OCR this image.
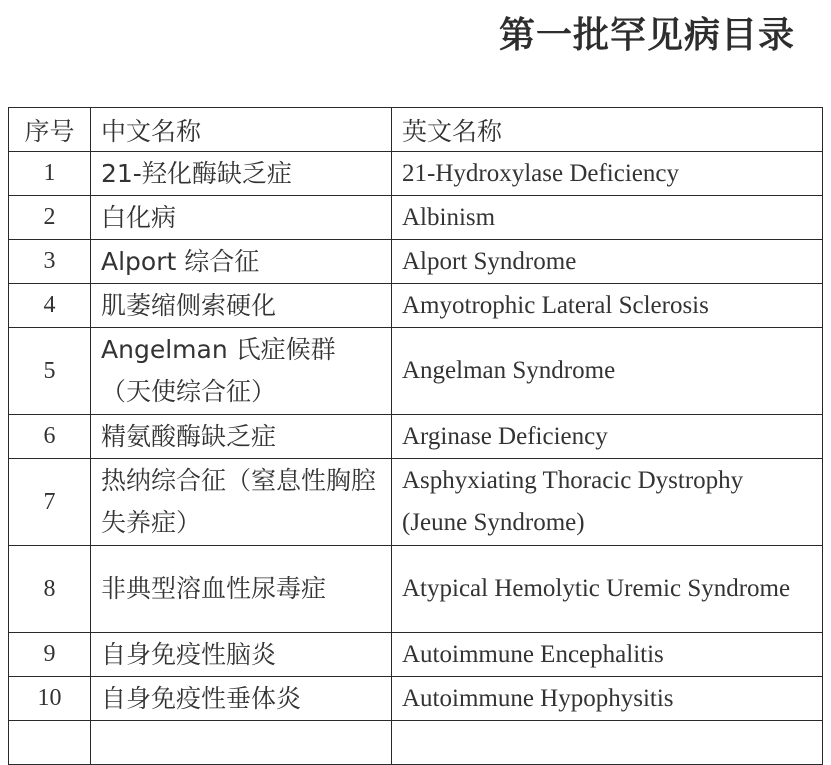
第一批罕见病目录
序号	中文名称	英文名称
1	21-羟化酶缺乏症	21-Hydroxylase Deficiency
2	白化病	Albinism
3	Alport 综合征	Alport Syndrome
4	肌萎缩侧索硬化	Amyotrophic Lateral Sclerosis
5	Angelman 氏症候群（天使综合征）	Angelman Syndrome
6	精氨酸酶缺乏症	Arginase Deficiency
7	热纳综合征（窒息性胸腔失养症）	Asphyxiating Thoracic Dystrophy (Jeune Syndrome)
8	非典型溶血性尿毒症	Atypical Hemolytic Uremic Syndrome
9	自身免疫性脑炎	Autoimmune Encephalitis
10	自身免疫性垂体炎	Autoimmune Hypophysitis
